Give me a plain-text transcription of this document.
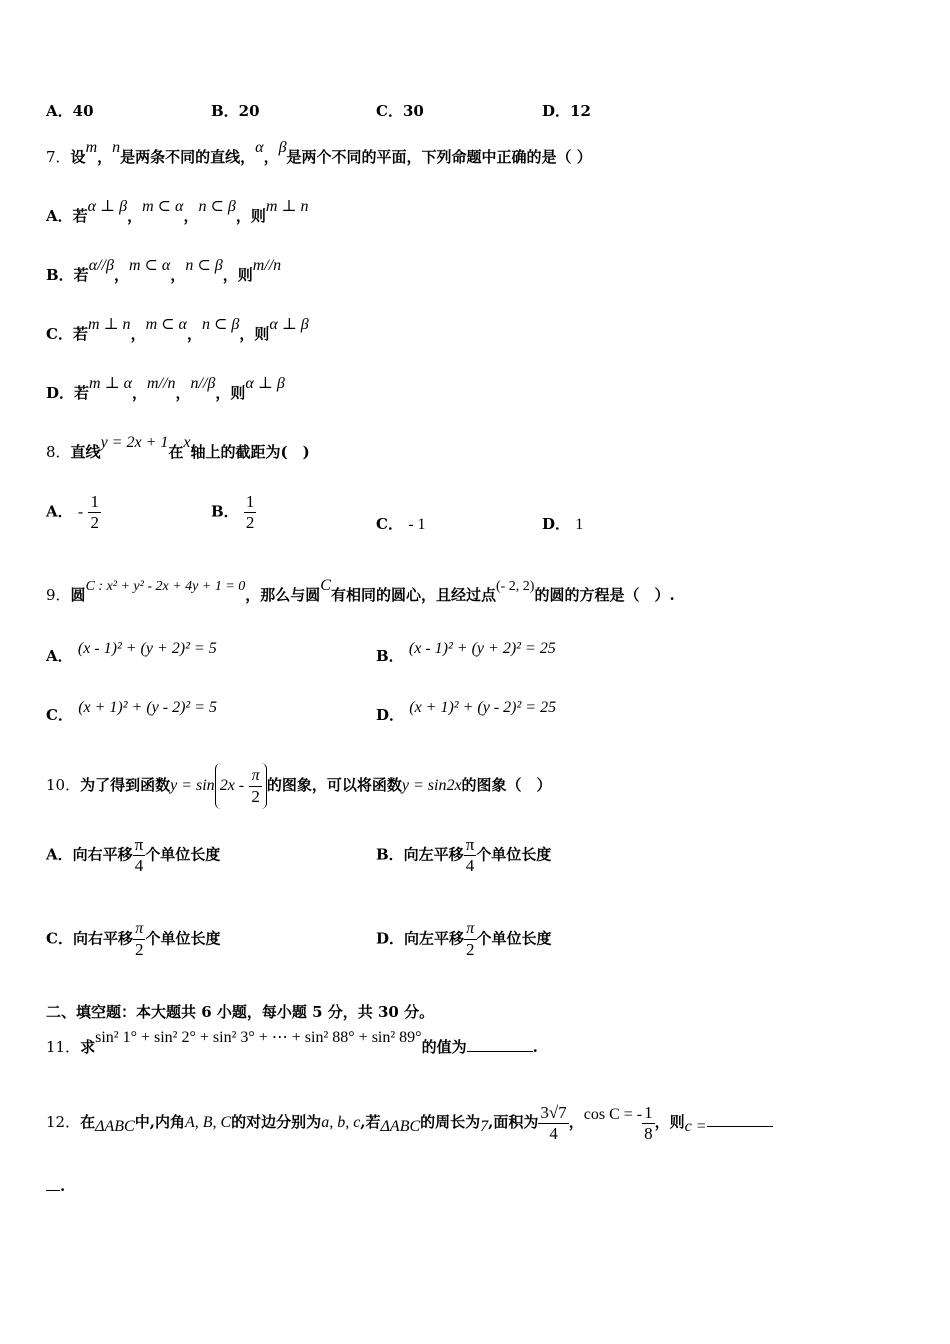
A．40	B．20	C．30	D．12
7．设m，n是两条不同的直线，α，β是两个不同的平面，下列命题中正确的是（ ）
A．若α ⊥ β，m ⊂ α，n ⊂ β，则m ⊥ n
B．若α//β，m ⊂ α，n ⊂ β，则m//n
C．若m ⊥ n，m ⊂ α，n ⊂ β，则α ⊥ β
D．若m ⊥ α，m//n，n//β，则α ⊥ β
8．直线y = 2x + 1在x轴上的截距为(　)
A． - $\frac{1}{2}$	B． $\frac{1}{2}$	C． - 1	D． 1
9．圆C : x² + y² - 2x + 4y + 1 = 0，那么与圆C有相同的圆心，且经过点(- 2, 2)的圆的方程是（　）.
A． (x - 1)² + (y + 2)² = 5	B． (x - 1)² + (y + 2)² = 25
C． (x + 1)² + (y - 2)² = 5	D． (x + 1)² + (y - 2)² = 25
10．为了得到函数$y = \sin 2x - \frac{\pi}{2}$ 的图象，可以将函数y = sin2x的图象（　）
A．向右平移 $\frac{\pi}{4}$ 个单位长度	B．向左平移 $\frac{\pi}{4}$ 个单位长度
C．向右平移 $\frac{\pi}{2}$ 个单位长度	D．向左平移 $\frac{\pi}{2}$ 个单位长度
二、填空题：本大题共 6 小题，每小题 5 分，共 30 分。
11．求sin² 1° + sin² 2° + sin² 3° + ⋯ + sin² 88° + sin² 89°的值为	.
12．在ΔABC中,内角A, B, C的对边分别为a, b, c,若ΔABC的周长为7,面积为 $\frac{3√7}{4}$ ，cos C = - $\frac{1}{8}$ ，则c =
.
